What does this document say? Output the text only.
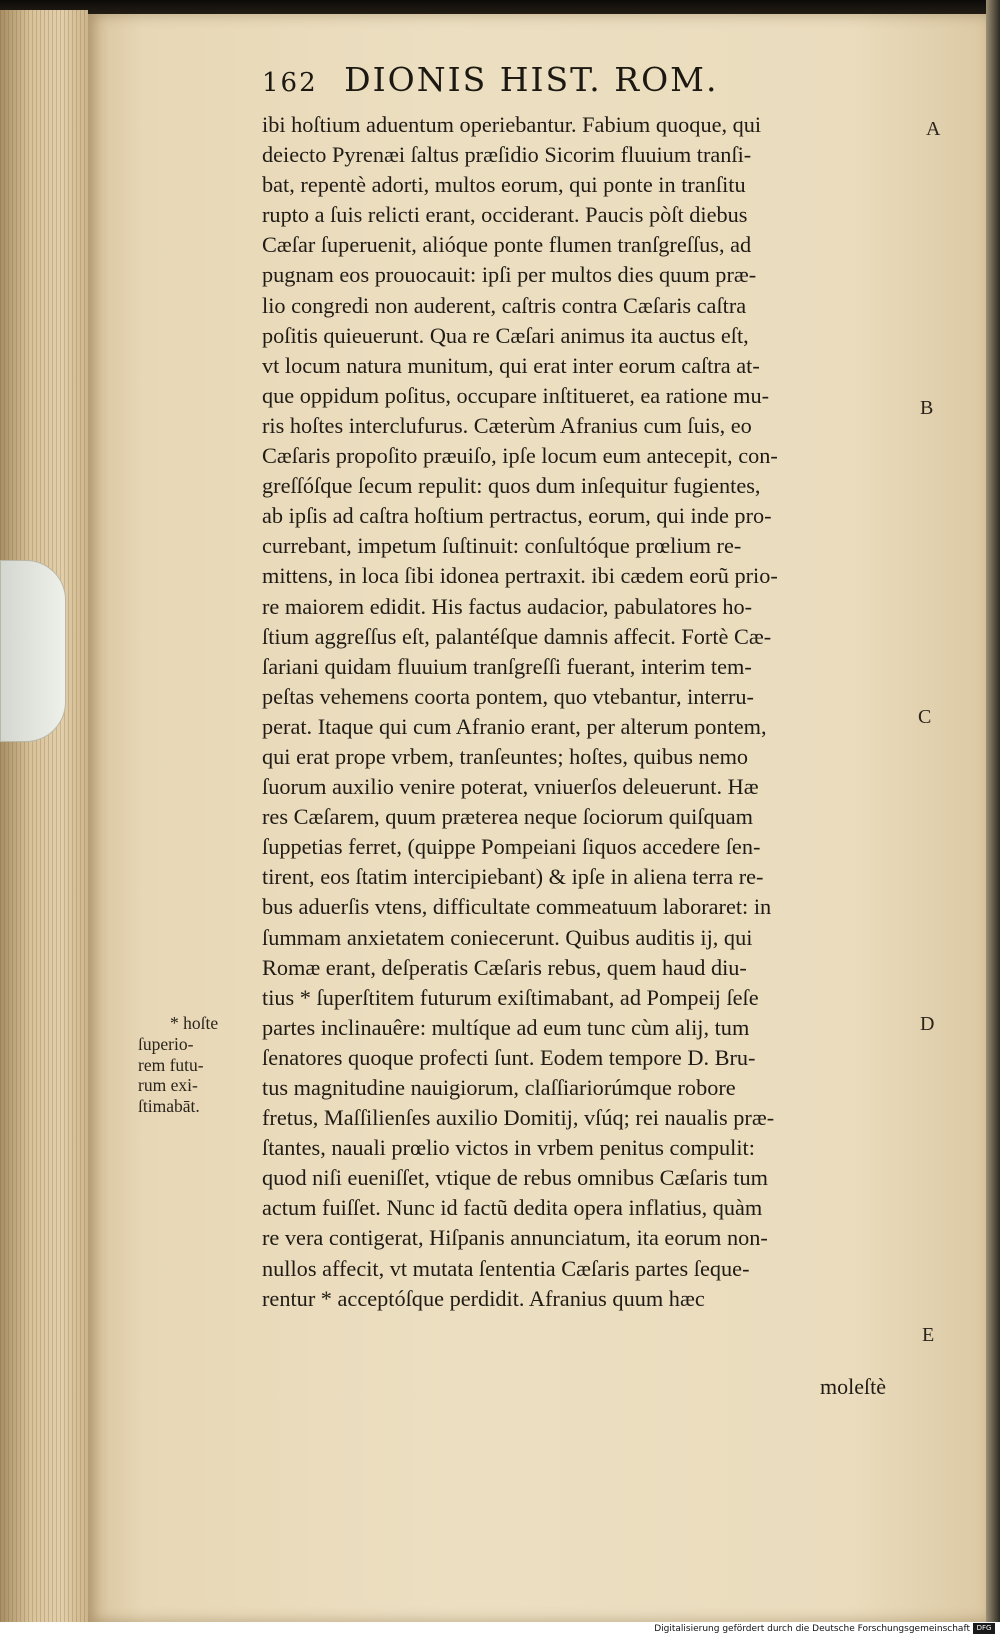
162 DIONIS HIST. ROM.
ibi hoſtium aduentum operiebantur. Fabium quoque, qui
deiecto Pyrenæi ſaltus præſidio Sicorim fluuium tranſi-
bat, repentè adorti, multos eorum, qui ponte in tranſitu
rupto a ſuis relicti erant, occiderant. Paucis pòſt diebus
Cæſar ſuperuenit, alióque ponte flumen tranſgreſſus, ad
pugnam eos prouocauit: ipſi per multos dies quum præ-
lio congredi non auderent, caſtris contra Cæſaris caſtra
poſitis quieuerunt. Qua re Cæſari animus ita auctus eſt,
vt locum natura munitum, qui erat inter eorum caſtra at-
que oppidum poſitus, occupare inſtitueret, ea ratione mu-
ris hoſtes interclufurus. Cæterùm Afranius cum ſuis, eo
Cæſaris propoſito præuiſo, ipſe locum eum antecepit, con-
greſſóſque ſecum repulit: quos dum inſequitur fugientes,
ab ipſis ad caſtra hoſtium pertractus, eorum, qui inde pro-
currebant, impetum ſuſtinuit: conſultóque prœlium re-
mittens, in loca ſibi idonea pertraxit. ibi cædem eorũ prio-
re maiorem edidit. His factus audacior, pabulatores ho-
ſtium aggreſſus eſt, palantéſque damnis affecit. Fortè Cæ-
ſariani quidam fluuium tranſgreſſi fuerant, interim tem-
peſtas vehemens coorta pontem, quo vtebantur, interru-
perat. Itaque qui cum Afranio erant, per alterum pontem,
qui erat prope vrbem, tranſeuntes; hoſtes, quibus nemo
ſuorum auxilio venire poterat, vniuerſos deleuerunt. Hæ
res Cæſarem, quum præterea neque ſociorum quiſquam
ſuppetias ferret, (quippe Pompeiani ſiquos accedere ſen-
tirent, eos ſtatim intercipiebant) & ipſe in aliena terra re-
bus aduerſis vtens, difficultate commeatuum laboraret: in
ſummam anxietatem coniecerunt. Quibus auditis ij, qui
Romæ erant, deſperatis Cæſaris rebus, quem haud diu-
tius * ſuperſtitem futurum exiſtimabant, ad Pompeij ſeſe
partes inclinauêre: multíque ad eum tunc cùm alij, tum
ſenatores quoque profecti ſunt. Eodem tempore D. Bru-
tus magnitudine nauigiorum, claſſiariorúmque robore
fretus, Maſſilienſes auxilio Domitij, vſúq; rei naualis præ-
ſtantes, nauali prœlio victos in vrbem penitus compulit:
quod niſi eueniſſet, vtique de rebus omnibus Cæſaris tum
actum fuiſſet. Nunc id factũ dedita opera inflatius, quàm
re vera contigerat, Hiſpanis annunciatum, ita eorum non-
nullos affecit, vt mutata ſententia Cæſaris partes ſeque-
rentur * acceptóſque perdidit. Afranius quum hæc
moleſtè
A
B
C
D
E
* hoſte
ſuperio-
rem futu-
rum exi-
ſtimabāt.
Digitalisierung gefördert durch die Deutsche Forschungsgemeinschaft DFG
